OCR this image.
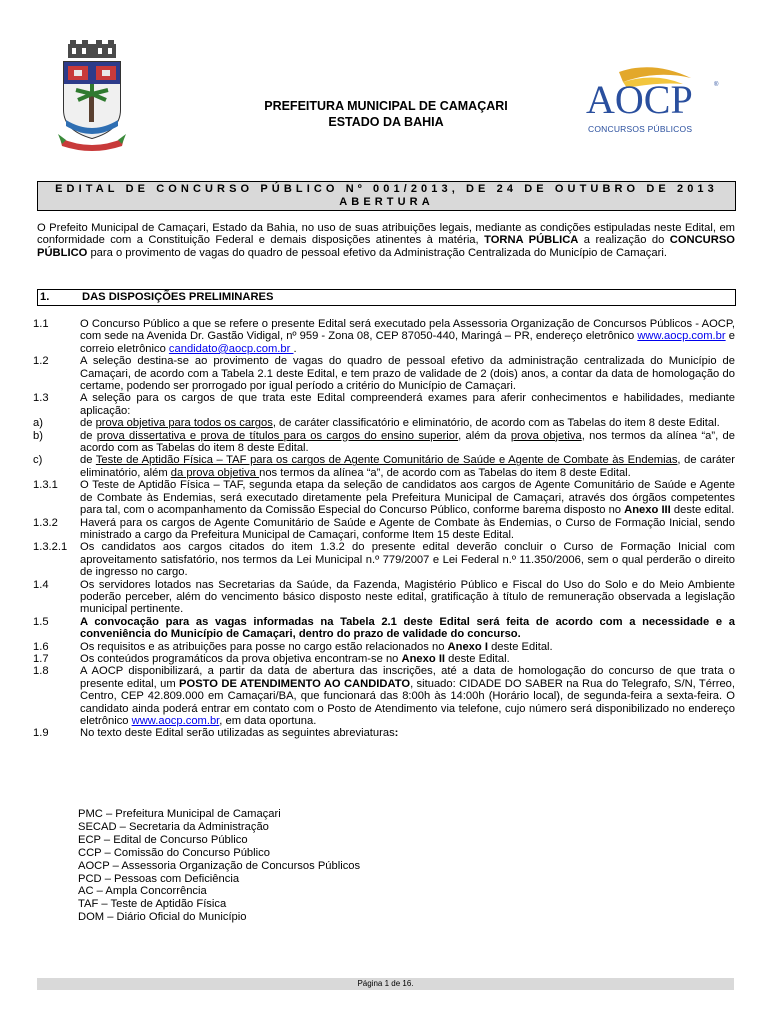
PREFEITURA MUNICIPAL DE CAMAÇARI
ESTADO DA BAHIA	AOCP	®
CONCURSOS PÚBLICOS
EDITAL DE CONCURSO PÚBLICO Nº 001/2013, DE 24 DE OUTUBRO DE 2013
ABERTURA
O Prefeito Municipal de Camaçari, Estado da Bahia, no uso de suas atribuições legais, mediante as condições estipuladas neste Edital, em conformidade com a Constituição Federal e demais disposições atinentes à matéria, TORNA PÚBLICA a realização do CONCURSO PÚBLICO para o provimento de vagas do quadro de pessoal efetivo da Administração Centralizada do Município de Camaçari.
1.	DAS DISPOSIÇÕES PRELIMINARES
1.1	O Concurso Público a que se refere o presente Edital será executado pela Assessoria Organização de Concursos Públicos - AOCP, com sede na Avenida Dr. Gastão Vidigal, nº 959 - Zona 08, CEP 87050-440, Maringá – PR, endereço eletrônico www.aocp.com.br e correio eletrônico candidato@aocp.com.br .
1.2	A seleção destina-se ao provimento de vagas do quadro de pessoal efetivo da administração centralizada do Município de Camaçari, de acordo com a Tabela 2.1 deste Edital, e tem prazo de validade de 2 (dois) anos, a contar da data de homologação do certame, podendo ser prorrogado por igual período a critério do Município de Camaçari.
1.3	A seleção para os cargos de que trata este Edital compreenderá exames para aferir conhecimentos e habilidades, mediante aplicação:
a)	de prova objetiva para todos os cargos, de caráter classificatório e eliminatório, de acordo com as Tabelas do item 8 deste Edital.
b)	de prova dissertativa e prova de títulos para os cargos do ensino superior, além da prova objetiva, nos termos da alínea “a”, de acordo com as Tabelas do item 8 deste Edital.
c)	de Teste de Aptidão Física – TAF para os cargos de Agente Comunitário de Saúde e Agente de Combate às Endemias, de caráter eliminatório, além da prova objetiva nos termos da alínea “a”, de acordo com as Tabelas do item 8 deste Edital.
1.3.1	O Teste de Aptidão Física – TAF, segunda etapa da seleção de candidatos aos cargos de Agente Comunitário de Saúde e Agente de Combate às Endemias, será executado diretamente pela Prefeitura Municipal de Camaçari, através dos órgãos competentes para tal, com o acompanhamento da Comissão Especial do Concurso Público, conforme barema disposto no Anexo III deste edital.
1.3.2	Haverá para os cargos de Agente Comunitário de Saúde e Agente de Combate às Endemias, o Curso de Formação Inicial, sendo ministrado a cargo da Prefeitura Municipal de Camaçari, conforme Item 15 deste Edital.
1.3.2.1	Os candidatos aos cargos citados do item 1.3.2 do presente edital deverão concluir o Curso de Formação Inicial com aproveitamento satisfatório, nos termos da Lei Municipal n.º 779/2007 e Lei Federal n.º 11.350/2006, sem o qual perderão o direito de ingresso no cargo.
1.4	Os servidores lotados nas Secretarias da Saúde, da Fazenda, Magistério Público e Fiscal do Uso do Solo e do Meio Ambiente poderão perceber, além do vencimento básico disposto neste edital, gratificação à título de remuneração observada a legislação municipal pertinente.
1.5	A convocação para as vagas informadas na Tabela 2.1 deste Edital será feita de acordo com a necessidade e a conveniência do Município de Camaçari, dentro do prazo de validade do concurso.
1.6	Os requisitos e as atribuições para posse no cargo estão relacionados no Anexo I deste Edital.
1.7	Os conteúdos programáticos da prova objetiva encontram-se no Anexo II deste Edital.
1.8	A AOCP disponibilizará, a partir da data de abertura das inscrições, até a data de homologação do concurso de que trata o presente edital, um POSTO DE ATENDIMENTO AO CANDIDATO, situado: CIDADE DO SABER na Rua do Telegrafo, S/N, Térreo, Centro, CEP 42.809.000 em Camaçari/BA, que funcionará das 8:00h às 14:00h (Horário local), de segunda-feira a sexta-feira. O candidato ainda poderá entrar em contato com o Posto de Atendimento via telefone, cujo número será disponibilizado no endereço eletrônico www.aocp.com.br, em data oportuna.
1.9	No texto deste Edital serão utilizadas as seguintes abreviaturas:
PMC – Prefeitura Municipal de Camaçari
SECAD – Secretaria da Administração
ECP – Edital de Concurso Público
CCP – Comissão do Concurso Público
AOCP – Assessoria Organização de Concursos Públicos
PCD – Pessoas com Deficiência
AC – Ampla Concorrência
TAF – Teste de Aptidão Física
DOM – Diário Oficial do Município
Página 1 de 16.
